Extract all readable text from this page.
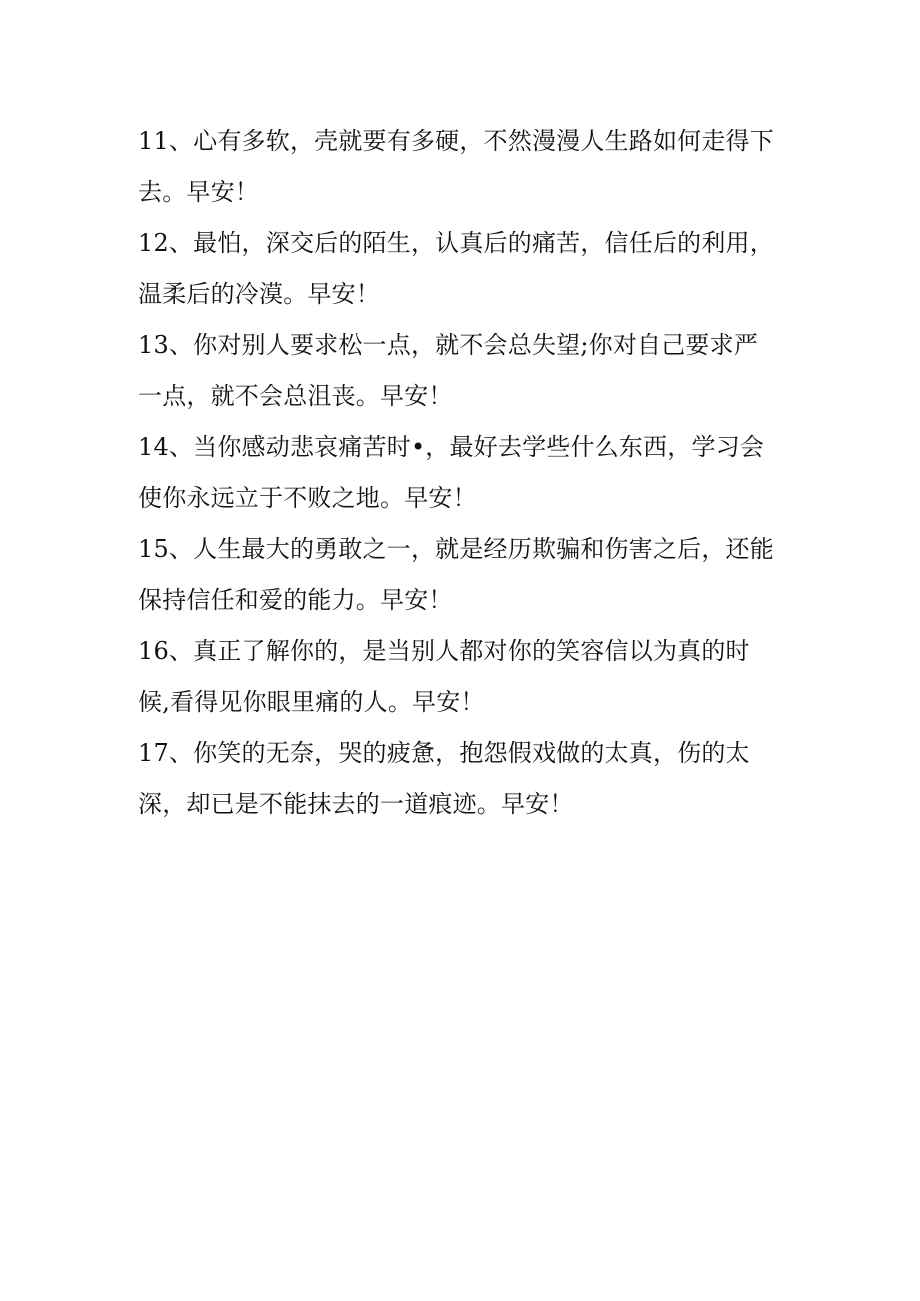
11、心有多软，壳就要有多硬，不然漫漫人生路如何走得下
去。早安！

12、最怕，深交后的陌生，认真后的痛苦，信任后的利用，
温柔后的冷漠。早安！

13、你对别人要求松一点，就不会总失望;你对自己要求严
一点，就不会总沮丧。早安！

14、当你感动悲哀痛苦时•，最好去学些什么东西，学习会
使你永远立于不败之地。早安！

15、人生最大的勇敢之一，就是经历欺骗和伤害之后，还能
保持信任和爱的能力。早安！

16、真正了解你的，是当别人都对你的笑容信以为真的时
候,看得见你眼里痛的人。早安！

17、你笑的无奈，哭的疲惫，抱怨假戏做的太真，伤的太
深，却已是不能抹去的一道痕迹。早安！
